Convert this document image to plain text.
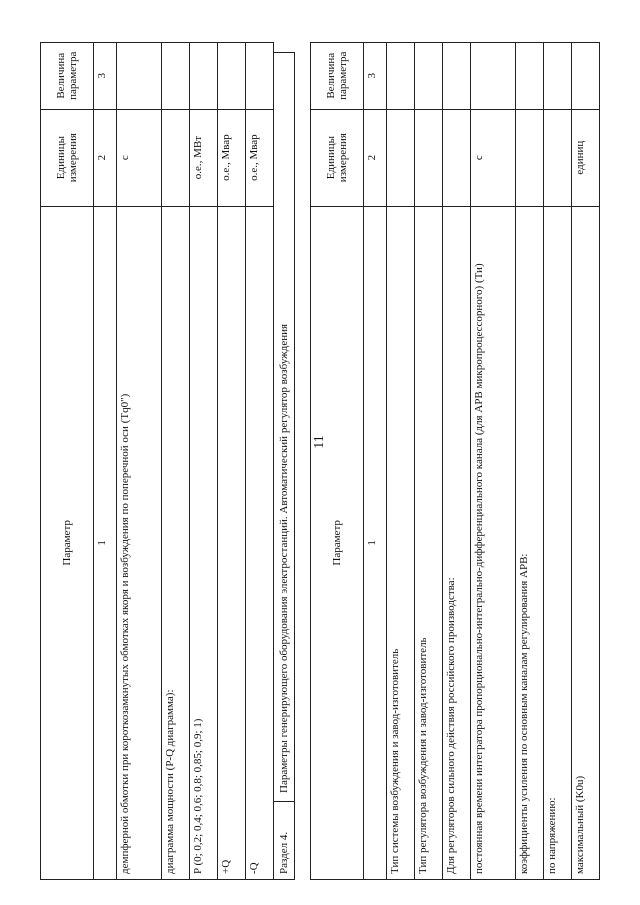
11
Параметр	Единицы измерения	Величина параметра
1	2	3
демпферной обмотки при короткозамкнутых обмотках якоря и возбуждения по поперечной оси (Tq0")	с	
диаграмма мощности (P-Q диаграмма):		
P (0; 0,2; 0,4; 0,6; 0,8; 0,85; 0,9; 1)	о.е., МВт	
+Q	о.е., Мвар	
-Q	о.е., Мвар	
Раздел 4.
Параметры генерирующего оборудования электростанций. Автоматический регулятор возбуждения	Параметр	Единицы измерения	Величина параметра
1	2	3
Тип системы возбуждения и завод-изготовитель		
Тип регулятора возбуждения и завод-изготовитель		
Для регуляторов сильного действия российского производства:		
постоянная времени интегратора пропорционально-интегрально-дифференциального канала (для АРВ микропроцессорного) (Ти)	с	
коэффициенты усиления по основным каналам регулирования АРВ:		
по напряжению:		
максимальный (K0u)	единиц	
